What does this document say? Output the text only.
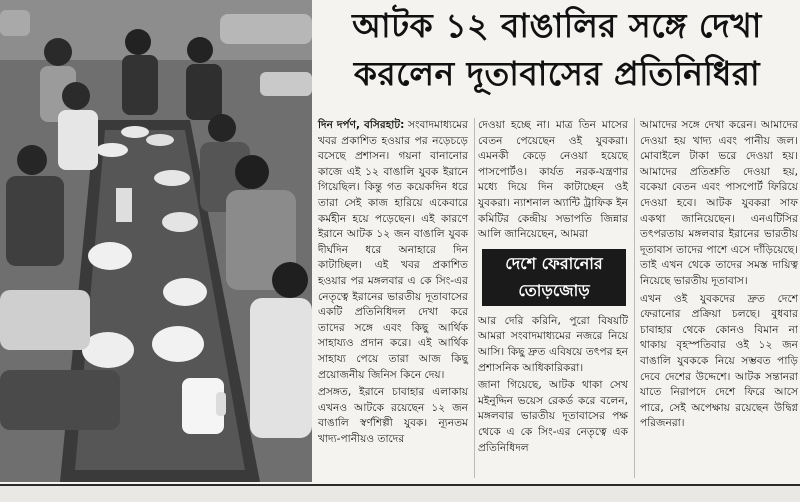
আটক ১২ বাঙালির সঙ্গে দেখা
করলেন দূতাবাসের প্রতিনিধিরা

দিন দর্পণ, বসিরহাট: সংবাদমাধ্যমের খবর প্রকাশিত হওয়ার পর নড়েচড়ে বসেছে প্রশাসন। গয়না বানানোর কাজে এই ১২ বাঙালি যুবক ইরানে গিয়েছিল। কিন্তু গত কয়েকদিন ধরে তারা সেই কাজ হারিয়ে একেবারে কর্মহীন হয়ে পড়েছেন। এই কারণে ইরানে আটক ১২ জন বাঙালি যুবক দীর্ঘদিন ধরে অনাহারে দিন কাটাচ্ছিল। এই খবর প্রকাশিত হওয়ার পর মঙ্গলবার এ কে সিং-এর নেতৃত্বে ইরানের ভারতীয় দূতাবাসের একটি প্রতিনিধিদল দেখা করে তাদের সঙ্গে এবং কিছু আর্থিক সাহায্যও প্রদান করে। এই আর্থিক সাহায্য পেয়ে তারা আজ কিছু প্রয়োজনীয় জিনিস কিনে দেয়।

প্রসঙ্গত, ইরানে চাবাহার এলাকায় এখনও আটকে রয়েছেন ১২ জন বাঙালি স্বর্ণশিল্পী যুবক। ন্যূনতম খাদ্য-পানীয়ও তাদের

দেওয়া হচ্ছে না। মাত্র তিন মাসের বেতন পেয়েছেন ওই যুবকরা। এমনকী কেড়ে নেওয়া হয়েছে পাসপোর্টও। কার্যত নরক-যন্ত্রণার মধ্যে দিয়ে দিন কাটাচ্ছেন ওই যুবকরা। ন্যাশনাল অ্যান্টি ট্রাফিক ইন কমিটির কেন্দ্রীয় সভাপতি জিন্নার আলি জানিয়েছেন, আমরা

দেশে ফেরানোর
তোড়জোড়

আর দেরি করিনি, পুরো বিষয়টি আমরা সংবাদমাধ্যমের নজরে নিয়ে আসি। কিছু দ্রুত এবিষয়ে তৎপর হন প্রশাসনিক আধিকারিকরা।

জানা গিয়েছে, আটক থাকা সেখ মইনুদ্দিন ভয়েস রেকর্ড করে বলেন, মঙ্গলবার ভারতীয় দূতাবাসের পক্ষ থেকে এ কে সিং-এর নেতৃত্বে এক প্রতিনিধিদল

আমাদের সঙ্গে দেখা করেন। আমাদের দেওয়া হয় খাদ্য এবং পানীয় জল। মোবাইলে টাকা ভরে দেওয়া হয়। আমাদের প্রতিশ্রুতি দেওয়া হয়, বকেয়া বেতন এবং পাসপোর্ট ফিরিয়ে দেওয়া হবে। আটক যুবকরা সাফ একথা জানিয়েছেন। এনএটিসির তৎপরতায় মঙ্গলবার ইরানের ভারতীয় দূতাবাস তাদের পাশে এসে দাঁড়িয়েছে। তাই এখন থেকে তাদের সমস্ত দায়িত্ব নিয়েছে ভারতীয় দূতাবাস।

এখন ওই যুবকদের দ্রুত দেশে ফেরানোর প্রক্রিয়া চলছে। বুধবার চাবাহার থেকে কোনও বিমান না থাকায় বৃহস্পতিবার ওই ১২ জন বাঙালি যুবককে নিয়ে সম্ভবত পাড়ি দেবে দেশের উদ্দেশে। আটক সন্তানরা যাতে নিরাপদে দেশে ফিরে আসে পারে, সেই অপেক্ষায় রয়েছেন উদ্বিগ্ন পরিজনরা।
